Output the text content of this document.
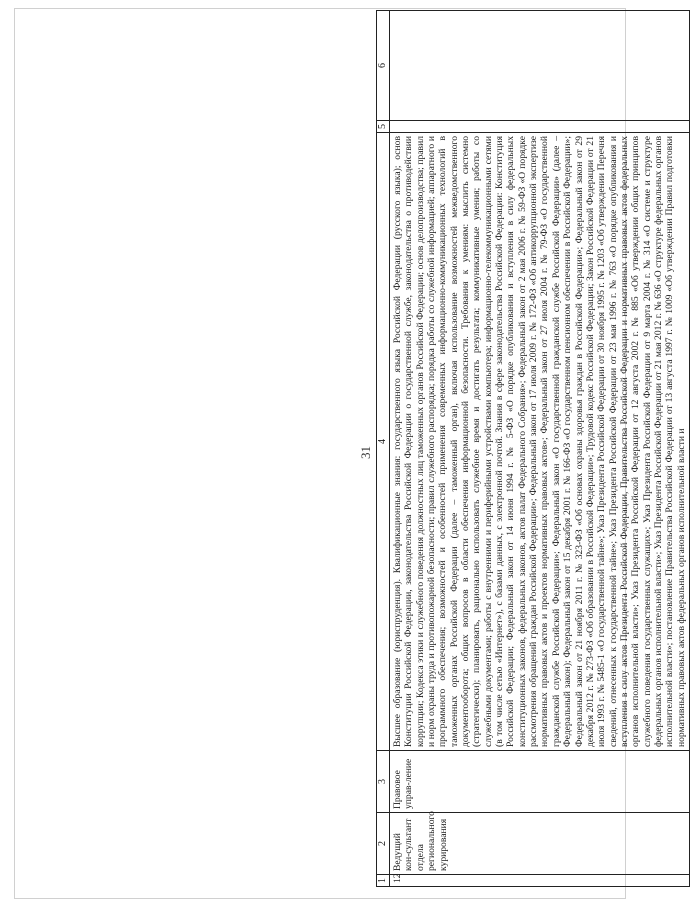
31
1	2	3	4	5	6
12	Ведущий кон-сультант отдела регионального курирования	Правовое управ-ление	Высшее образование (юриспруденция). Квалификационные знания: государственного языка Российской Федерации (русского языка); основ Конституции Российской Федерации, законодательства Российской Федерации о государственной службе, законодательства о противодействии коррупции; Кодекса этики и служебного поведения должностных лиц таможенных органов Российской Федерации; основ делопроизводства; правил и норм охраны труда и противопожарной безопасности; правил служебного распорядка; порядка работы со служебной информацией; аппаратного и программного обеспечения; возможностей и особенностей применения современных информационно-коммуникационных технологий в таможенных органах Российской Федерации (далее – таможенный орган), включая использование возможностей межведомственного документооборота; общих вопросов в области обеспечения информационной безопасности. Требования к умениям: мыслить системно (стратегически); планировать, рационально использовать служебное время и достигать результата; коммуникативные умения; работы со служебными документами; работы с внутренними и периферийными устройствами компьютера; информационно-телекоммуникационными сетями (в том числе сетью «Интернет»), с базами данных, с электронной почтой. Знания в сфере законодательства Российской Федерации: Конституция Российской Федерации; Федеральный закон от 14 июня 1994 г. № 5-ФЗ «О порядке опубликования и вступления в силу федеральных конституционных законов, федеральных законов, актов палат Федерального Собрания»; Федеральный закон от 2 мая 2006 г. № 59-ФЗ «О порядке рассмотрения обращений граждан Российской Федерации»; Федеральный закон от 17 июля 2009 г. № 172-ФЗ «Об антикоррупционной экспертизе нормативных правовых актов и проектов нормативных правовых актов»; Федеральный закон от 27 июля 2004 г. № 79-ФЗ «О государственной гражданской службе Российской Федерации»; Федеральный закон «О государственной гражданской службе Российской Федерации» (далее – Федеральный закон); Федеральный закон от 15 декабря 2001 г. № 166-ФЗ «О государственном пенсионном обеспечении в Российской Федерации»; Федеральный закон от 21 ноября 2011 г. № 323-ФЗ «Об основах охраны здоровья граждан в Российской Федерации»; Федеральный закон от 29 декабря 2012 г. № 273-ФЗ «Об образовании в Российской Федерации»; Трудовой кодекс Российской Федерации; Закон Российской Федерации от 21 июля 1993 г. № 5485-1 «О государственной тайне»; Указ Президента Российской Федерации от 30 ноября 1995 г. № 1203 «Об утверждении Перечня сведений, отнесенных к государственной тайне»; Указ Президента Российской Федерации от 23 мая 1996 г. № 763 «О порядке опубликования и вступления в силу актов Президента Российской Федерации, Правительства Российской Федерации и нормативных правовых актов федеральных органов исполнительной власти»; Указ Президента Российской Федерации от 12 августа 2002 г. № 885 «Об утверждении общих принципов служебного поведения государственных служащих»; Указ Президента Российской Федерации от 9 марта 2004 г. № 314 «О системе и структуре федеральных органов исполнительной власти»; Указ Президента Российской Федерации от 21 мая 2012 г. № 636 «О структуре федеральных органов исполнительной власти»; постановление Правительства Российской Федерации от 13 августа 1997 г. № 1009 «Об утверждении Правил подготовки нормативных правовых актов федеральных органов исполнительной власти и		
